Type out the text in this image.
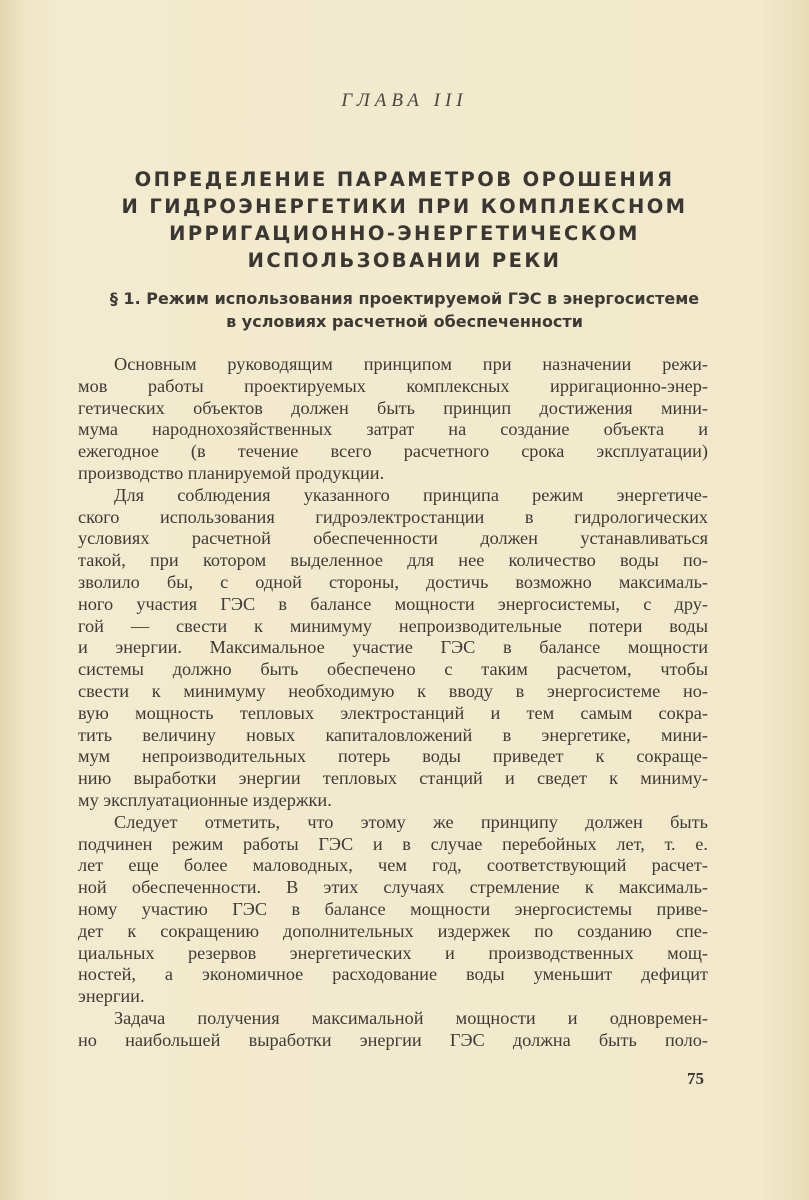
ГЛАВА III
ОПРЕДЕЛЕНИЕ ПАРАМЕТРОВ ОРОШЕНИЯ
И ГИДРОЭНЕРГЕТИКИ ПРИ КОМПЛЕКСНОМ
ИРРИГАЦИОННО-ЭНЕРГЕТИЧЕСКОМ
ИСПОЛЬЗОВАНИИ РЕКИ
§ 1. Режим использования проектируемой ГЭС в энергосистеме
в условиях расчетной обеспеченности
Основным руководящим принципом при назначении режи-
мов работы проектируемых комплексных ирригационно-энер-
гетических объектов должен быть принцип достижения мини-
мума народнохозяйственных затрат на создание объекта и
ежегодное (в течение всего расчетного срока эксплуатации)
производство планируемой продукции.
Для соблюдения указанного принципа режим энергетиче-
ского использования гидроэлектростанции в гидрологических
условиях расчетной обеспеченности должен устанавливаться
такой, при котором выделенное для нее количество воды по-
зволило бы, с одной стороны, достичь возможно максималь-
ного участия ГЭС в балансе мощности энергосистемы, с дру-
гой — свести к минимуму непроизводительные потери воды
и энергии. Максимальное участие ГЭС в балансе мощности
системы должно быть обеспечено с таким расчетом, чтобы
свести к минимуму необходимую к вводу в энергосистеме но-
вую мощность тепловых электростанций и тем самым сокра-
тить величину новых капиталовложений в энергетике, мини-
мум непроизводительных потерь воды приведет к сокраще-
нию выработки энергии тепловых станций и сведет к миниму-
му эксплуатационные издержки.
Следует отметить, что этому же принципу должен быть
подчинен режим работы ГЭС и в случае перебойных лет, т. е.
лет еще более маловодных, чем год, соответствующий расчет-
ной обеспеченности. В этих случаях стремление к максималь-
ному участию ГЭС в балансе мощности энергосистемы приве-
дет к сокращению дополнительных издержек по созданию спе-
циальных резервов энергетических и производственных мощ-
ностей, а экономичное расходование воды уменьшит дефицит
энергии.
Задача получения максимальной мощности и одновремен-
но наибольшей выработки энергии ГЭС должна быть поло-
75
